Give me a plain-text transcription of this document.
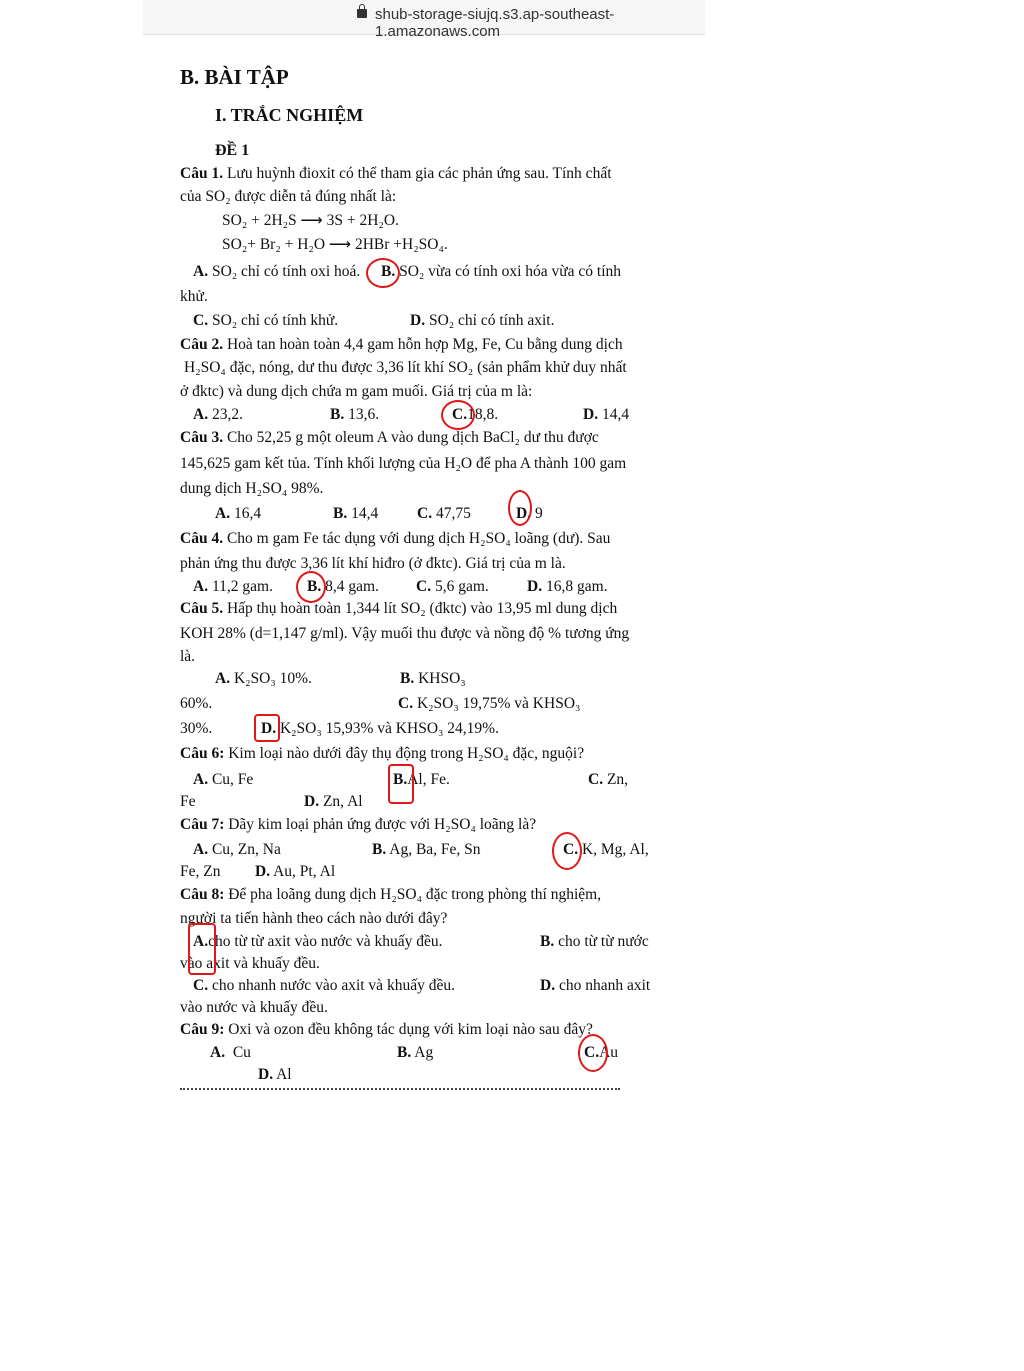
shub-storage-siujq.s3.ap-southeast-1.amazonaws.com
B. BÀI TẬP
I. TRẮC NGHIỆM
ĐỀ 1
Câu 1. Lưu huỳnh đioxit có thể tham gia các phản ứng sau. Tính chất
của SO₂ được diễn tả đúng nhất là:
SO₂ + 2H₂S ⟶ 3S + 2H₂O.
SO₂+ Br₂ + H₂O ⟶ 2HBr +H₂SO₄.
A. SO₂ chỉ có tính oxi hoá. B. SO₂ vừa có tính oxi hóa vừa có tính
khử.
C. SO₂ chỉ có tính khử.	D. SO₂ chỉ có tính axit.
Câu 2. Hoà tan hoàn toàn 4,4 gam hỗn hợp Mg, Fe, Cu bằng dung dịch
H₂SO₄ đặc, nóng, dư thu được 3,36 lít khí SO₂ (sản phẩm khử duy nhất
ở đktc) và dung dịch chứa m gam muối. Giá trị của m là:
A. 23,2.	B. 13,6.	C.18,8.	D. 14,4
Câu 3. Cho 52,25 g một oleum A vào dung dịch BaCl₂ dư thu được
145,625 gam kết tủa. Tính khối lượng của H₂O để pha A thành 100 gam
dung dịch H₂SO₄ 98%.
A. 16,4	B. 14,4	C. 47,75	D. 9
Câu 4. Cho m gam Fe tác dụng với dung dịch H₂SO₄ loãng (dư). Sau
phản ứng thu được 3,36 lít khí hiđro (ở đktc). Giá trị của m là.
A. 11,2 gam. B. 8,4 gam. C. 5,6 gam. D. 16,8 gam.
Câu 5. Hấp thụ hoàn toàn 1,344 lít SO₂ (đktc) vào 13,95 ml dung dịch
KOH 28% (d=1,147 g/ml). Vậy muối thu được và nồng độ % tương ứng
là.
A. K₂SO₃ 10%.	B. KHSO₃
60%.	C. K₂SO₃ 19,75% và KHSO₃
30%.	D. K₂SO₃ 15,93% và KHSO₃ 24,19%.
Câu 6: Kim loại nào dưới đây thụ động trong H₂SO₄ đặc, nguội?
A. Cu, Fe	B.Al, Fe.	C. Zn,
Fe	D. Zn, Al
Câu 7: Dãy kim loại phản ứng được với H₂SO₄ loãng là?
A. Cu, Zn, Na	B. Ag, Ba, Fe, Sn	C. K, Mg, Al,
Fe, Zn D. Au, Pt, Al
Câu 8: Để pha loãng dung dịch H₂SO₄ đặc trong phòng thí nghiệm,
người ta tiến hành theo cách nào dưới đây?
A.cho từ từ axit vào nước và khuấy đều.	B. cho từ từ nước
vào axit và khuấy đều.
C. cho nhanh nước vào axit và khuấy đều.	D. cho nhanh axit
vào nước và khuấy đều.
Câu 9: Oxi và ozon đều không tác dụng với kim loại nào sau đây?
A. Cu	B. Ag	C.Au
D. Al
